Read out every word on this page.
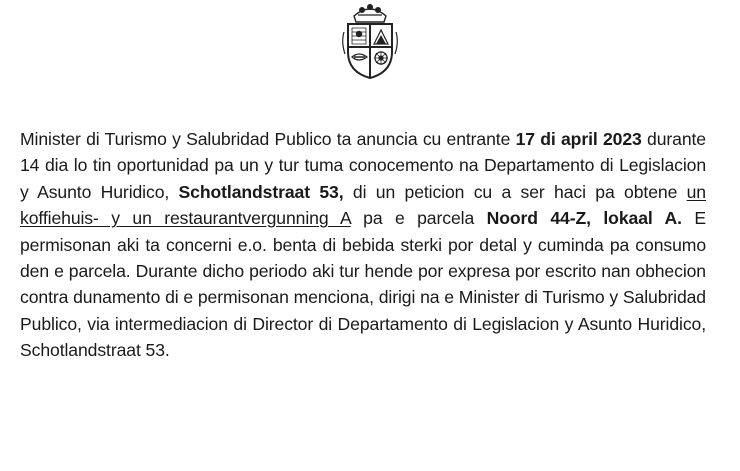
Minister di Turismo y Salubridad Publico ta anuncia cu entrante 17 di april 2023 durante 14 dia lo tin oportunidad pa un y tur tuma conocemento na Departamento di Legislacion y Asunto Huridico, Schotlandstraat 53, di un peticion cu a ser haci pa obtene un koffiehuis- y un restaurantvergunning A pa e parcela Noord 44-Z, lokaal A. E permisonan aki ta concerni e.o. benta di bebida sterki por detal y cuminda pa consumo den e parcela. Durante dicho periodo aki tur hende por expresa por escrito nan obhecion contra dunamento di e permisonan menciona, dirigi na e Minister di Turismo y Salubridad Publico, via intermediacion di Director di Departamento di Legislacion y Asunto Huridico, Schotlandstraat 53.
